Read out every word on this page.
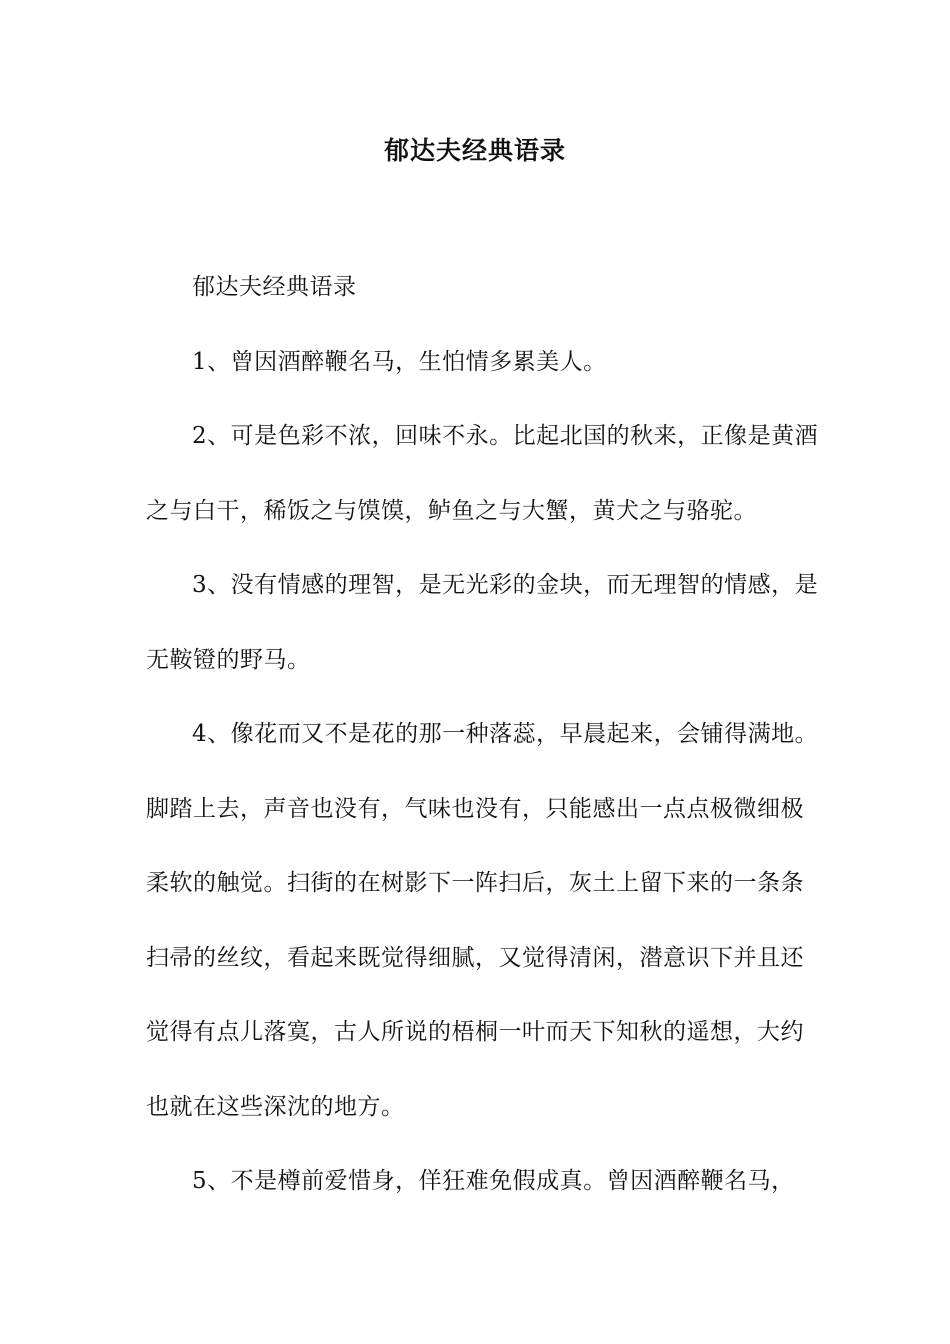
郁达夫经典语录

郁达夫经典语录

1、曾因酒醉鞭名马，生怕情多累美人。

2、可是色彩不浓，回味不永。比起北国的秋来，正像是黄酒之与白干，稀饭之与馍馍，鲈鱼之与大蟹，黄犬之与骆驼。

3、没有情感的理智，是无光彩的金块，而无理智的情感，是无鞍镫的野马。

4、像花而又不是花的那一种落蕊，早晨起来，会铺得满地。脚踏上去，声音也没有，气味也没有，只能感出一点点极微细极柔软的触觉。扫街的在树影下一阵扫后，灰土上留下来的一条条扫帚的丝纹，看起来既觉得细腻，又觉得清闲，潜意识下并且还觉得有点儿落寞，古人所说的梧桐一叶而天下知秋的遥想，大约也就在这些深沈的地方。

5、不是樽前爱惜身，佯狂难免假成真。曾因酒醉鞭名马，
